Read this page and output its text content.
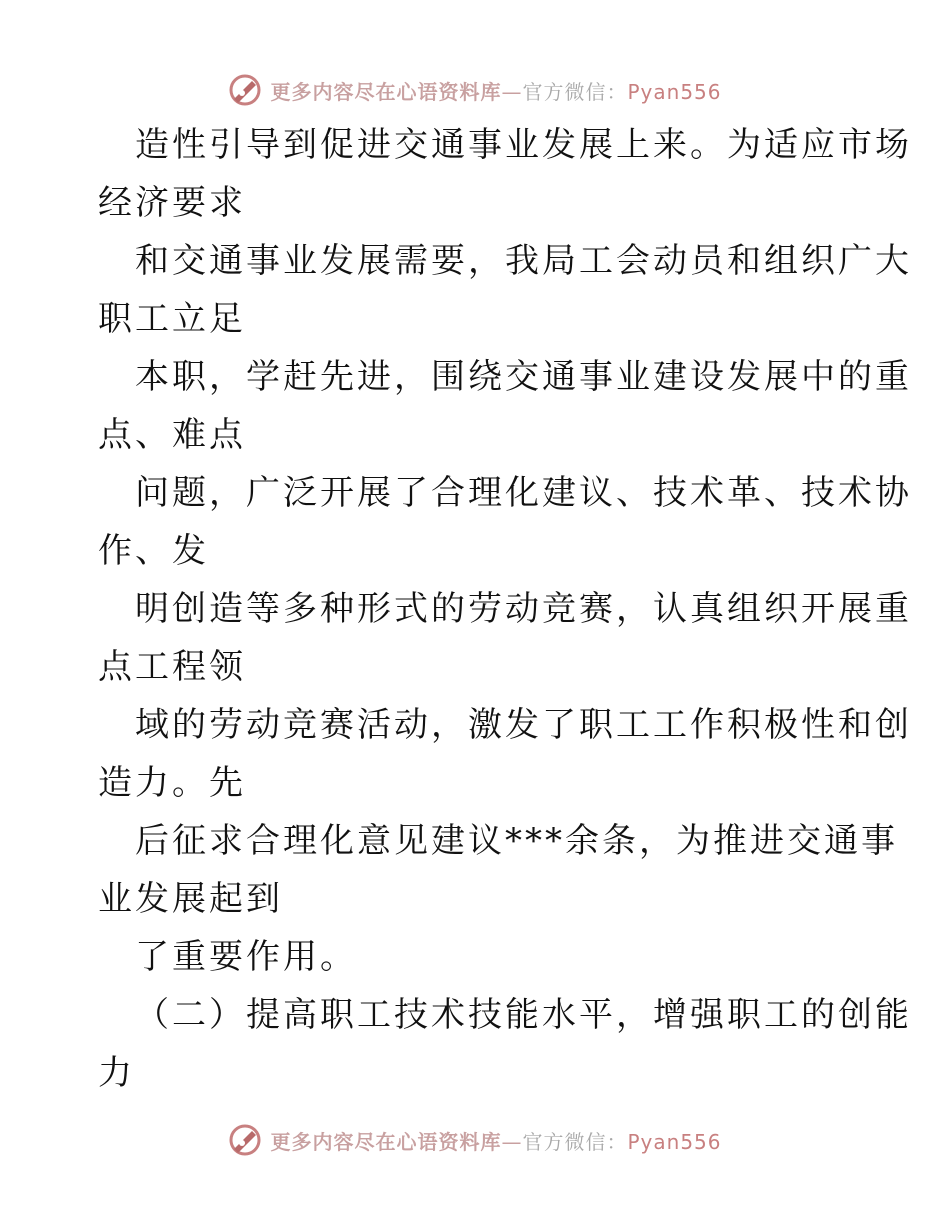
更多内容尽在心语资料库—官方微信：Pyan556
造性引导到促进交通事业发展上来。为适应市场
经济要求
和交通事业发展需要，我局工会动员和组织广大
职工立足
本职，学赶先进，围绕交通事业建设发展中的重
点、难点
问题，广泛开展了合理化建议、技术革、技术协
作、发
明创造等多种形式的劳动竞赛，认真组织开展重
点工程领
域的劳动竞赛活动，激发了职工工作积极性和创
造力。先
后征求合理化意见建议***余条，为推进交通事
业发展起到
了重要作用。
（二）提高职工技术技能水平，增强职工的创能
力
更多内容尽在心语资料库—官方微信：Pyan556
